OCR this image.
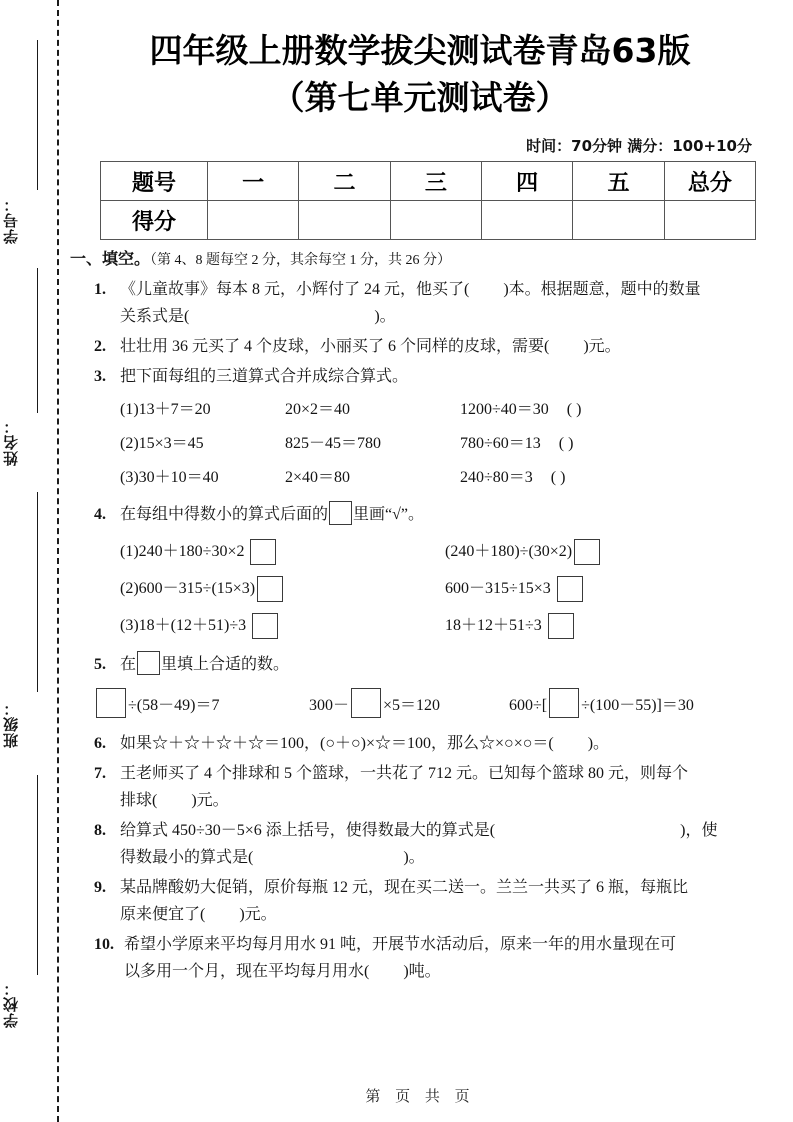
学号：
姓名：
班级：
学校：
四年级上册数学拔尖测试卷青岛63版
（第七单元测试卷）
时间：70分钟 满分：100+10分
题号	一	二	三	四	五	总分
得分						
一、填空。（第 4、8 题每空 2 分，其余每空 1 分，共 26 分）
1. 《儿童故事》每本 8 元，小辉付了 24 元，他买了( )本。根据题意，题中的数量
关系式是(	)。
2. 壮壮用 36 元买了 4 个皮球，小丽买了 6 个同样的皮球，需要( )元。
3. 把下面每组的三道算式合并成综合算式。
(1)13＋7＝20	20×2＝40	1200÷40＝30 ( )
(2)15×3＝45	825－45＝780	780÷60＝13 ( )
(3)30＋10＝40	2×40＝80	240÷80＝3 ( )
4. 在每组中得数小的算式后面的 里画“√”。
(1) 240＋180÷30×2	(240＋180)÷(30×2)
(2) 600－315÷(15×3)	600－315÷15×3
(3) 18＋(12＋51)÷3	18＋12＋51÷3
5. 在 里填上合适的数。
÷(58－49)＝7	300－ ×5＝120	600÷[ ÷(100－55)]＝30
6. 如果☆＋☆＋☆＋☆＝100，(○＋○)×☆＝100，那么☆×○×○＝( )。
7. 王老师买了 4 个排球和 5 个篮球，一共花了 712 元。已知每个篮球 80 元，则每个
排球( )元。
8. 给算式 450÷30－5×6 添上括号，使得数最大的算式是(	)，使
得数最小的算式是(	)。
9. 某品牌酸奶大促销，原价每瓶 12 元，现在买二送一。兰兰一共买了 6 瓶，每瓶比
原来便宜了( )元。
10. 希望小学原来平均每月用水 91 吨，开展节水活动后，原来一年的用水量现在可
以多用一个月，现在平均每月用水( )吨。
第 页 共 页
